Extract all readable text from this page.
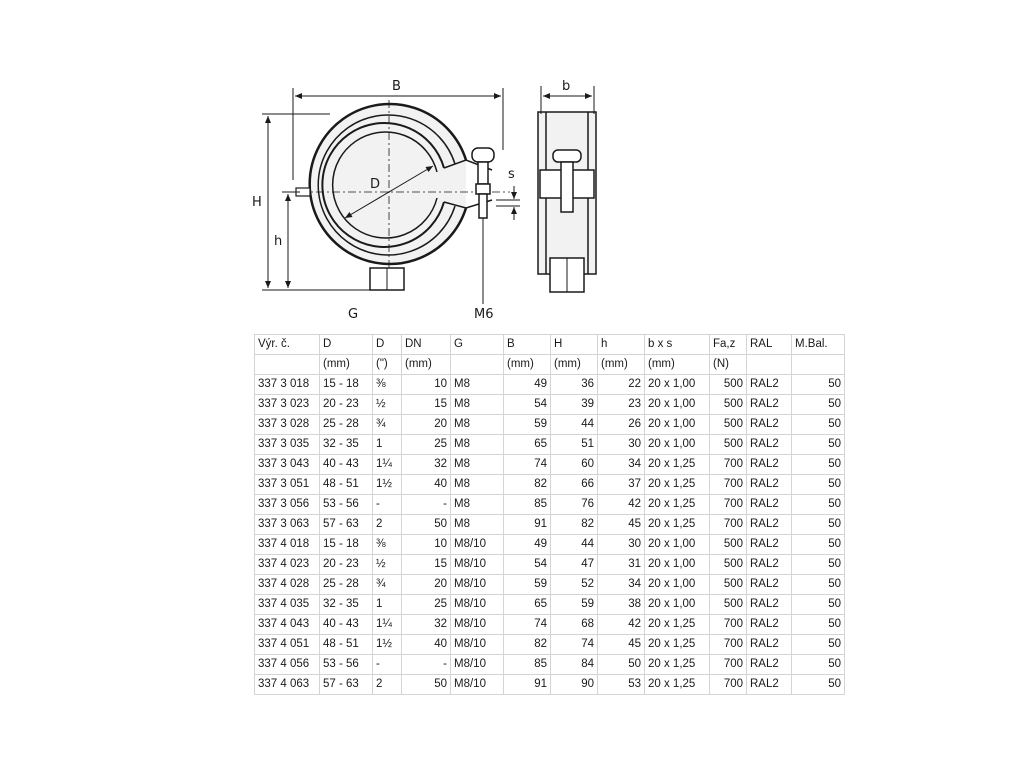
B
H
h
s
D
G	M6
b
Výr. č.	D	D	DN	G	B	H	h	b x s	Fa,z	RAL	M.Bal.
	(mm)	(")	(mm)		(mm)	(mm)	(mm)	(mm)	(N)		
337 3 018	15 - 18	⅜	10	M8	49	36	22	20 x 1,00	500	RAL2	50
337 3 023	20 - 23	½	15	M8	54	39	23	20 x 1,00	500	RAL2	50
337 3 028	25 - 28	¾	20	M8	59	44	26	20 x 1,00	500	RAL2	50
337 3 035	32 - 35	1	25	M8	65	51	30	20 x 1,00	500	RAL2	50
337 3 043	40 - 43	1¼	32	M8	74	60	34	20 x 1,25	700	RAL2	50
337 3 051	48 - 51	1½	40	M8	82	66	37	20 x 1,25	700	RAL2	50
337 3 056	53 - 56	-	-	M8	85	76	42	20 x 1,25	700	RAL2	50
337 3 063	57 - 63	2	50	M8	91	82	45	20 x 1,25	700	RAL2	50
337 4 018	15 - 18	⅜	10	M8/10	49	44	30	20 x 1,00	500	RAL2	50
337 4 023	20 - 23	½	15	M8/10	54	47	31	20 x 1,00	500	RAL2	50
337 4 028	25 - 28	¾	20	M8/10	59	52	34	20 x 1,00	500	RAL2	50
337 4 035	32 - 35	1	25	M8/10	65	59	38	20 x 1,00	500	RAL2	50
337 4 043	40 - 43	1¼	32	M8/10	74	68	42	20 x 1,25	700	RAL2	50
337 4 051	48 - 51	1½	40	M8/10	82	74	45	20 x 1,25	700	RAL2	50
337 4 056	53 - 56	-	-	M8/10	85	84	50	20 x 1,25	700	RAL2	50
337 4 063	57 - 63	2	50	M8/10	91	90	53	20 x 1,25	700	RAL2	50
